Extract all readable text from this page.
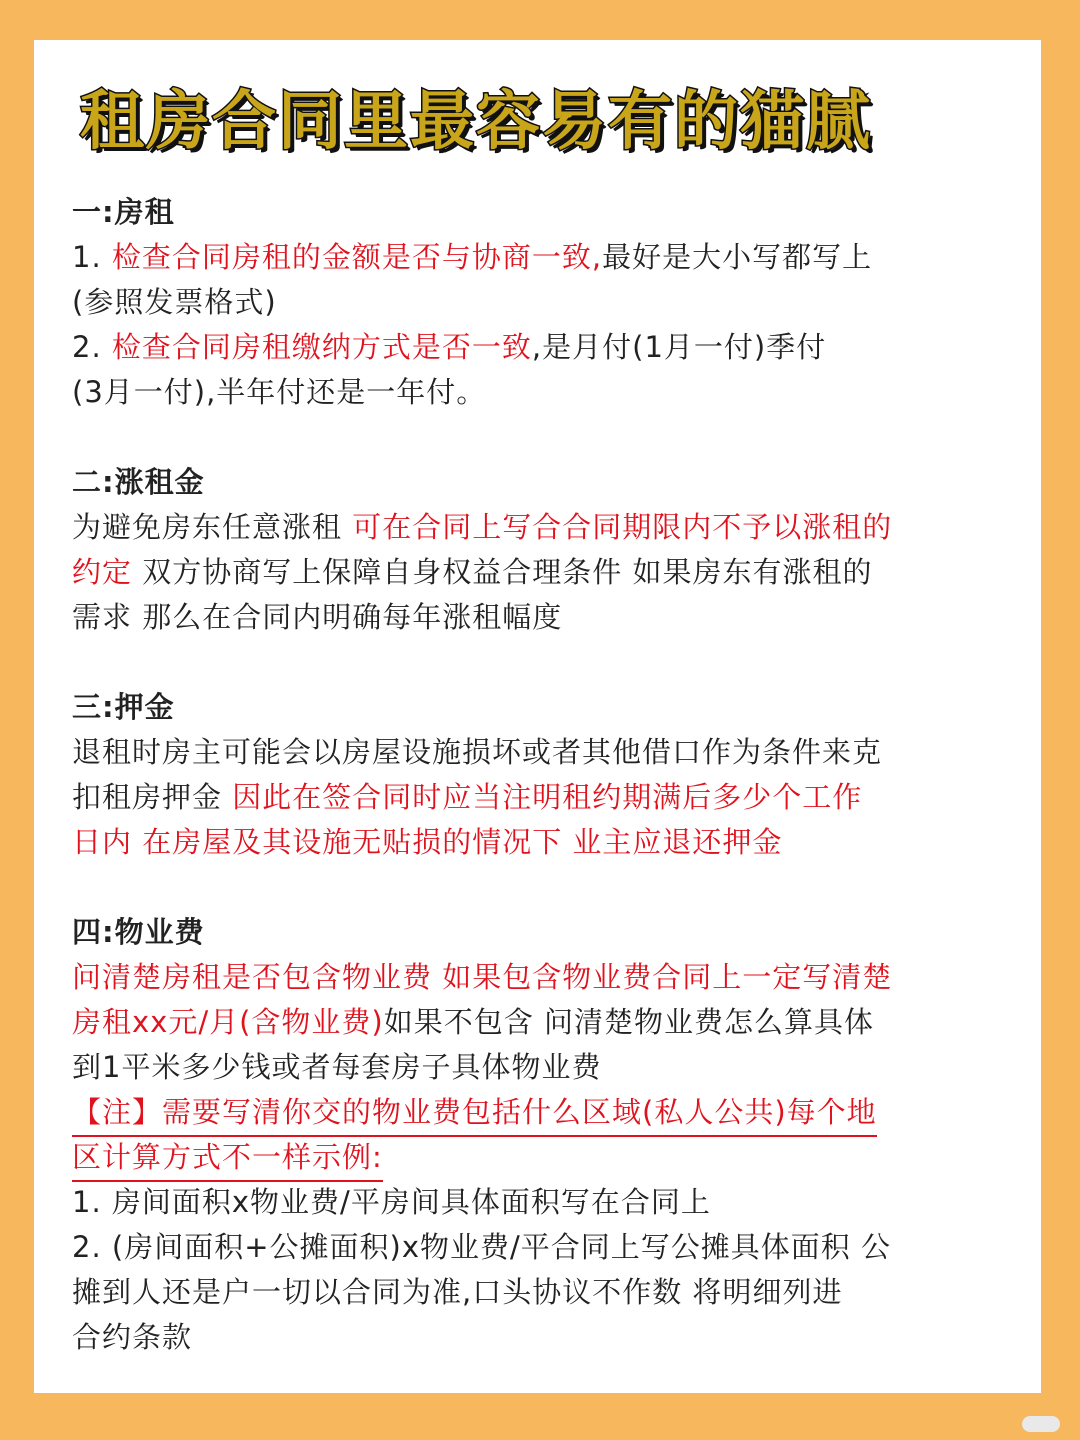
租房合同里最容易有的猫腻
一:房租
1. 检查合同房租的金额是否与协商一致,最好是大小写都写上
(参照发票格式)
2. 检查合同房租缴纳方式是否一致,是月付(1月一付)季付
(3月一付),半年付还是一年付。
二:涨租金
为避免房东任意涨租 可在合同上写合合同期限内不予以涨租的
约定 双方协商写上保障自身权益合理条件 如果房东有涨租的
需求 那么在合同内明确每年涨租幅度
三:押金
退租时房主可能会以房屋设施损坏或者其他借口作为条件来克
扣租房押金 因此在签合同时应当注明租约期满后多少个工作
日内 在房屋及其设施无贴损的情况下 业主应退还押金
四:物业费
问清楚房租是否包含物业费 如果包含物业费合同上一定写清楚
房租xx元/月(含物业费)如果不包含 问清楚物业费怎么算具体
到1平米多少钱或者每套房子具体物业费
【注】需要写清你交的物业费包括什么区域(私人公共)每个地
区计算方式不一样示例:
1. 房间面积x物业费/平房间具体面积写在合同上
2. (房间面积+公摊面积)x物业费/平合同上写公摊具体面积 公
摊到人还是户一切以合同为准,口头协议不作数 将明细列进
合约条款
